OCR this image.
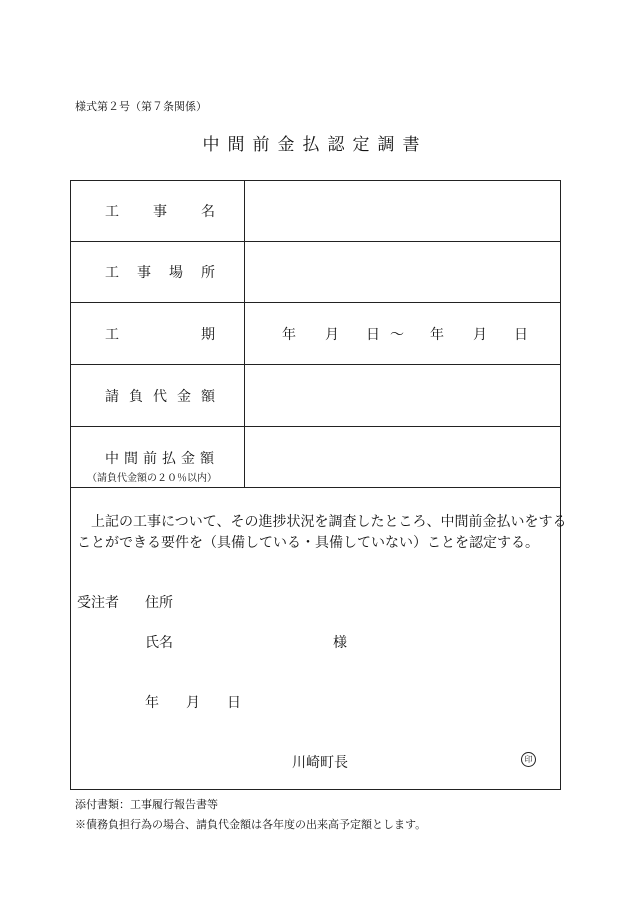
様式第２号（第７条関係）
中間前金払認定調書
工 事 名
工 事 場 所
工	期	年 月 日 〜 年 月 日
請 負 代 金 額
中 間 前 払 金 額
（請負代金額の２０％以内）
上記の工事について、その進捗状況を調査したところ、中間前金払いをする
ことができる要件を（具備している・具備していない）ことを認定する。
受注者 住所
氏名	様
年 月 日
川崎町長	印
添付書類：工事履行報告書等
※債務負担行為の場合、請負代金額は各年度の出来高予定額とします。
